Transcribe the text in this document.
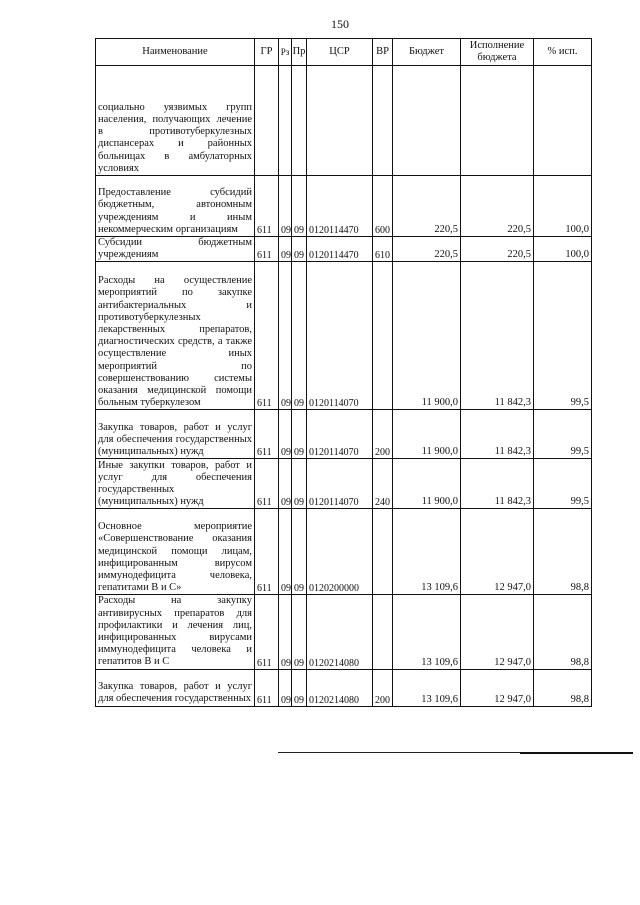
150
Наименование	ГР	Рз	Пр	ЦСР	ВР	Бюджет	Исполнение бюджета	% исп.
социально уязвимых групп населения, получающих лечение в противотуберкулезных диспансерах и районных больницах в амбулаторных условиях								
Предоставление субсидий бюджетным, автономным учреждениям и иным некоммерческим организациям	611	09	09	0120114470	600	220,5	220,5	100,0
Субсидии бюджетным учреждениям	611	09	09	0120114470	610	220,5	220,5	100,0
Расходы на осуществление мероприятий по закупке антибактериальных и противотуберкулезных лекарственных препаратов, диагностических средств, а также осуществление иных мероприятий по совершенствованию системы оказания медицинской помощи больным туберкулезом	611	09	09	0120114070		11 900,0	11 842,3	99,5
Закупка товаров, работ и услуг для обеспечения государственных (муниципальных) нужд	611	09	09	0120114070	200	11 900,0	11 842,3	99,5
Иные закупки товаров, работ и услуг для обеспечения государственных (муниципальных) нужд	611	09	09	0120114070	240	11 900,0	11 842,3	99,5
Основное мероприятие «Совершенствование оказания медицинской помощи лицам, инфицированным вирусом иммунодефицита человека, гепатитами В и С»	611	09	09	0120200000		13 109,6	12 947,0	98,8
Расходы на закупку антивирусных препаратов для профилактики и лечения лиц, инфицированных вирусами иммунодефицита человека и гепатитов В и С	611	09	09	0120214080		13 109,6	12 947,0	98,8
Закупка товаров, работ и услуг для обеспечения государственных	611	09	09	0120214080	200	13 109,6	12 947,0	98,8
